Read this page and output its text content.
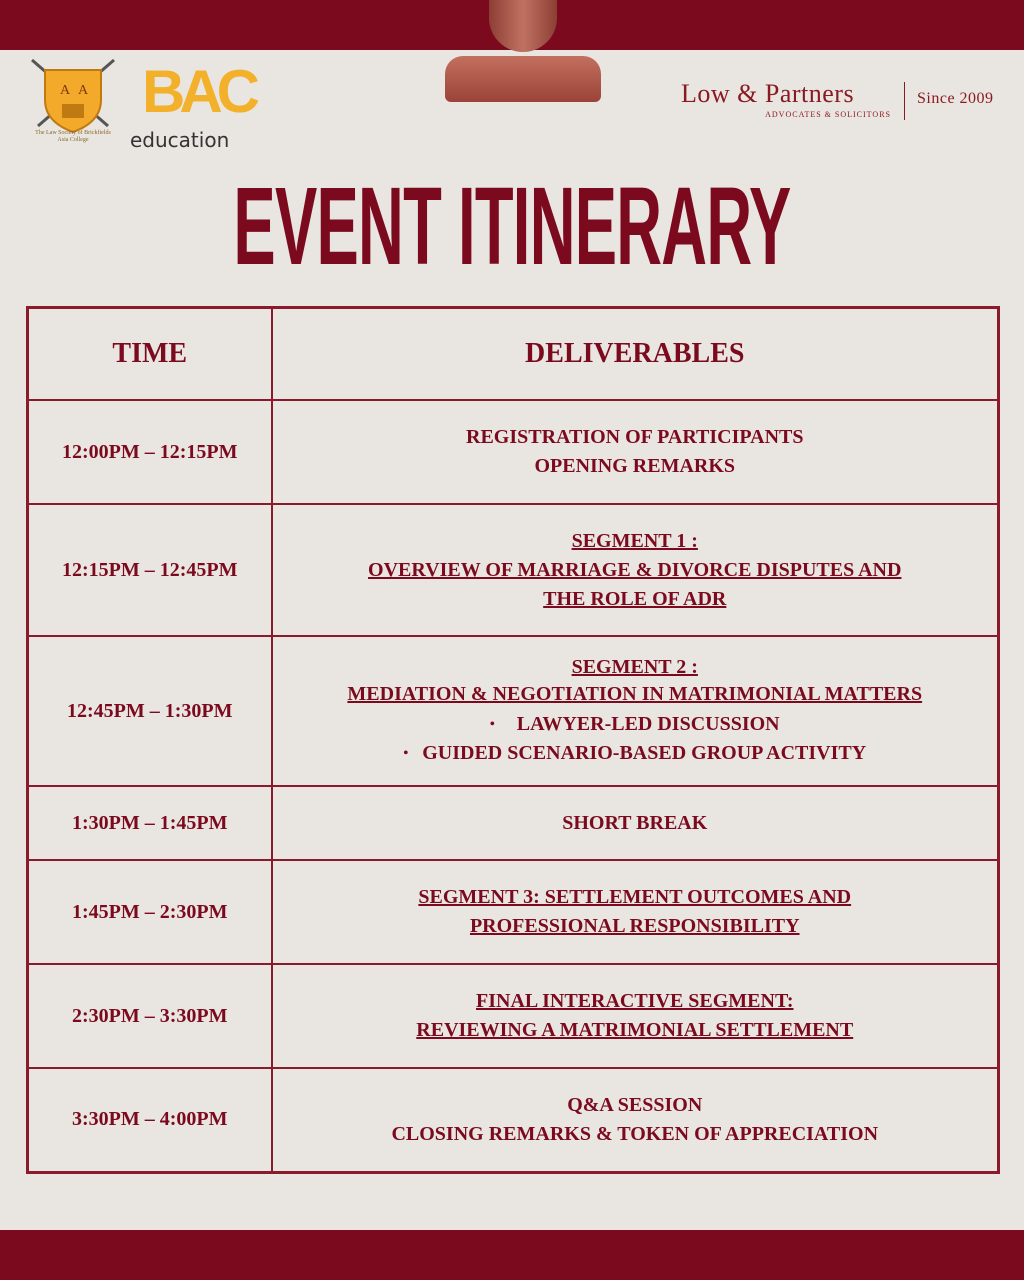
A A
The Law Society of Brickfields Asia College
BAC
education
Low & Partners
ADVOCATES & SOLICITORS
Since 2009
EVENT ITINERARY
TIME	DELIVERABLES
12:00PM – 12:15PM	REGISTRATION OF PARTICIPANTS
OPENING REMARKS

12:15PM – 12:45PM	SEGMENT 1 :
OVERVIEW OF MARRIAGE & DIVORCE DISPUTES AND
THE ROLE OF ADR

12:45PM – 1:30PM	SEGMENT 2 :
MEDIATION & NEGOTIATION IN MATRIMONIAL MATTERS
• LAWYER-LED DISCUSSION
• GUIDED SCENARIO-BASED GROUP ACTIVITY

1:30PM – 1:45PM	SHORT BREAK

1:45PM – 2:30PM	SEGMENT 3: SETTLEMENT OUTCOMES AND
PROFESSIONAL RESPONSIBILITY

2:30PM – 3:30PM	FINAL INTERACTIVE SEGMENT:
REVIEWING A MATRIMONIAL SETTLEMENT

3:30PM – 4:00PM	Q&A SESSION
CLOSING REMARKS & TOKEN OF APPRECIATION
